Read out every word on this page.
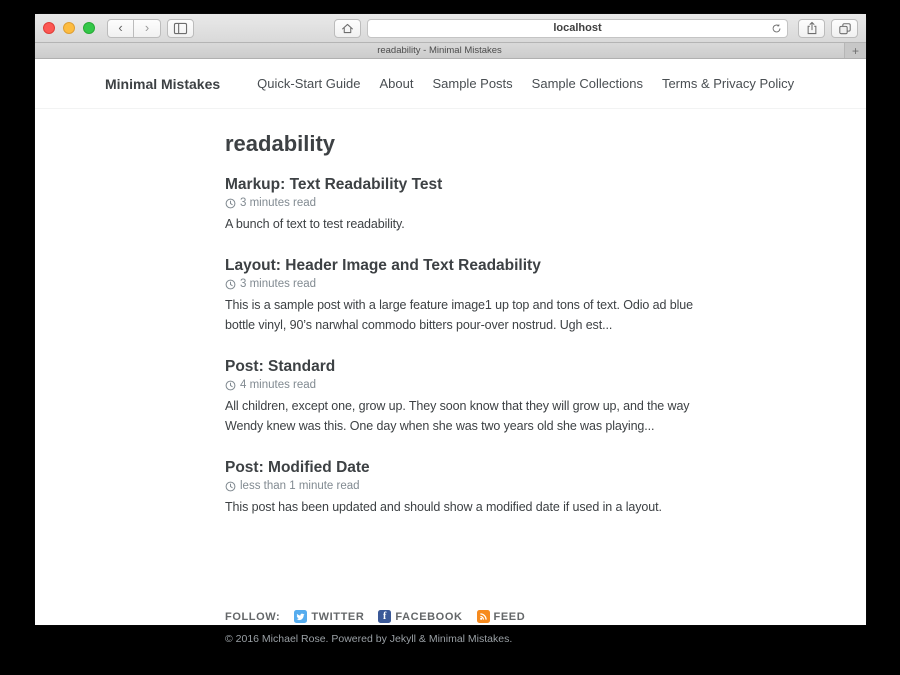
‹ ›	localhost
readability - Minimal Mistakes	+
Minimal Mistakes	Quick-Start Guide About Sample Posts Sample Collections Terms & Privacy Policy
readability
Markup: Text Readability Test
3 minutes read

A bunch of text to test readability.

Layout: Header Image and Text Readability
3 minutes read

This is a sample post with a large feature image1 up top and tons of text. Odio ad blue bottle vinyl, 90’s narwhal commodo bitters pour-over nostrud. Ugh est...

Post: Standard
4 minutes read

All children, except one, grow up. They soon know that they will grow up, and the way Wendy knew was this. One day when she was two years old she was playing...

Post: Modified Date
less than 1 minute read

This post has been updated and should show a modified date if used in a layout.

FOLLOW:	TWITTER f FACEBOOK	FEED

© 2016 Michael Rose. Powered by Jekyll & Minimal Mistakes.
